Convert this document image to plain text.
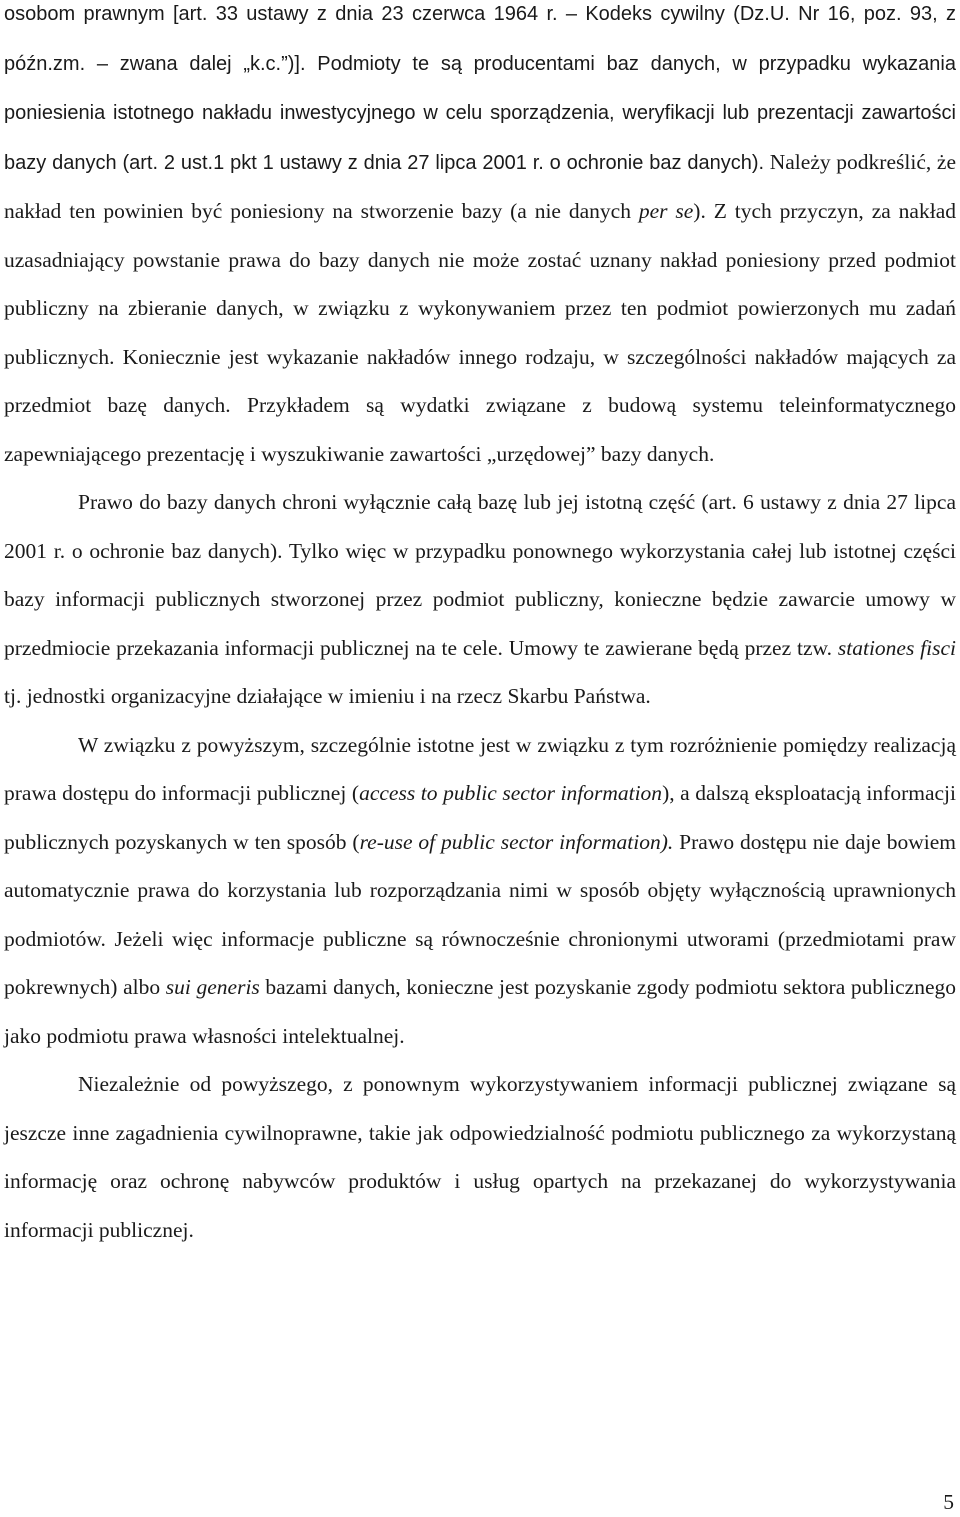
osobom prawnym [art. 33 ustawy z dnia 23 czerwca 1964 r. – Kodeks cywilny (Dz.U. Nr 16, poz. 93, z późn.zm. – zwana dalej „k.c.”)]. Podmioty te są producentami baz danych, w przypadku wykazania poniesienia istotnego nakładu inwestycyjnego w celu sporządzenia, weryfikacji lub prezentacji zawartości bazy danych (art. 2 ust.1 pkt 1 ustawy z dnia 27 lipca 2001 r. o ochronie baz danych). Należy podkreślić, że nakład ten powinien być poniesiony na stworzenie bazy (a nie danych per se). Z tych przyczyn, za nakład uzasadniający powstanie prawa do bazy danych nie może zostać uznany nakład poniesiony przed podmiot publiczny na zbieranie danych, w związku z wykonywaniem przez ten podmiot powierzonych mu zadań publicznych. Koniecznie jest wykazanie nakładów innego rodzaju, w szczególności nakładów mających za przedmiot bazę danych. Przykładem są wydatki związane z budową systemu teleinformatycznego zapewniającego prezentację i wyszukiwanie zawartości „urzędowej” bazy danych.

Prawo do bazy danych chroni wyłącznie całą bazę lub jej istotną część (art. 6 ustawy z dnia 27 lipca 2001 r. o ochronie baz danych). Tylko więc w przypadku ponownego wykorzystania całej lub istotnej części bazy informacji publicznych stworzonej przez podmiot publiczny, konieczne będzie zawarcie umowy w przedmiocie przekazania informacji publicznej na te cele. Umowy te zawierane będą przez tzw. stationes fisci tj. jednostki organizacyjne działające w imieniu i na rzecz Skarbu Państwa.

W związku z powyższym, szczególnie istotne jest w związku z tym rozróżnienie pomiędzy realizacją prawa dostępu do informacji publicznej (access to public sector information), a dalszą eksploatacją informacji publicznych pozyskanych w ten sposób (re-use of public sector information). Prawo dostępu nie daje bowiem automatycznie prawa do korzystania lub rozporządzania nimi w sposób objęty wyłącznością uprawnionych podmiotów. Jeżeli więc informacje publiczne są równocześnie chronionymi utworami (przedmiotami praw pokrewnych) albo sui generis bazami danych, konieczne jest pozyskanie zgody podmiotu sektora publicznego jako podmiotu prawa własności intelektualnej.

Niezależnie od powyższego, z ponownym wykorzystywaniem informacji publicznej związane są jeszcze inne zagadnienia cywilnoprawne, takie jak odpowiedzialność podmiotu publicznego za wykorzystaną informację oraz ochronę nabywców produktów i usług opartych na przekazanej do wykorzystywania informacji publicznej.

5
